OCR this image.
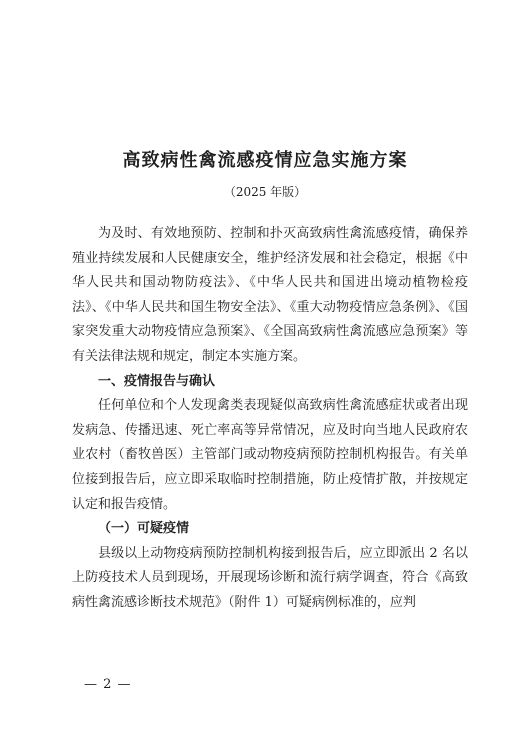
高致病性禽流感疫情应急实施方案
（2025 年版）

为及时、有效地预防、控制和扑灭高致病性禽流感疫情，确保养殖业持续发展和人民健康安全，维护经济发展和社会稳定，根据《中华人民共和国动物防疫法》、《中华人民共和国进出境动植物检疫法》、《中华人民共和国生物安全法》、《重大动物疫情应急条例》、《国家突发重大动物疫情应急预案》、《全国高致病性禽流感应急预案》等有关法律法规和规定，制定本实施方案。

一、疫情报告与确认

任何单位和个人发现禽类表现疑似高致病性禽流感症状或者出现发病急、传播迅速、死亡率高等异常情况，应及时向当地人民政府农业农村（畜牧兽医）主管部门或动物疫病预防控制机构报告。有关单位接到报告后，应立即采取临时控制措施，防止疫情扩散，并按规定认定和报告疫情。

（一）可疑疫情

县级以上动物疫病预防控制机构接到报告后，应立即派出 2 名以上防疫技术人员到现场，开展现场诊断和流行病学调查，符合《高致病性禽流感诊断技术规范》（附件 1）可疑病例标准的，应判

— 2 —
